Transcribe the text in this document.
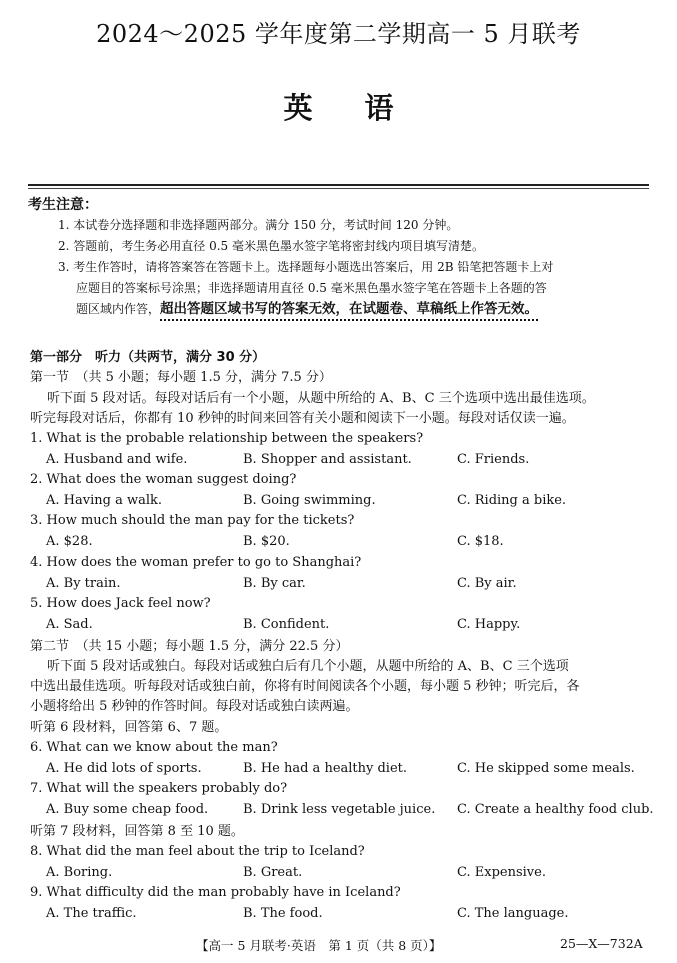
2024～2025 学年度第二学期高一 5 月联考
英语
考生注意：
1. 本试卷分选择题和非选择题两部分。满分 150 分，考试时间 120 分钟。
2. 答题前，考生务必用直径 0.5 毫米黑色墨水签字笔将密封线内项目填写清楚。
3. 考生作答时，请将答案答在答题卡上。选择题每小题选出答案后，用 2B 铅笔把答题卡上对
应题目的答案标号涂黑；非选择题请用直径 0.5 毫米黑色墨水签字笔在答题卡上各题的答
题区域内作答，超出答题区域书写的答案无效，在试题卷、草稿纸上作答无效。
第一部分　听力（共两节，满分 30 分）
第一节　（共 5 小题；每小题 1.5 分，满分 7.5 分）
听下面 5 段对话。每段对话后有一个小题，从题中所给的 A、B、C 三个选项中选出最佳选项。
听完每段对话后，你都有 10 秒钟的时间来回答有关小题和阅读下一小题。每段对话仅读一遍。
1. What is the probable relationship between the speakers?
A. Husband and wife.	B. Shopper and assistant.	C. Friends.
2. What does the woman suggest doing?
A. Having a walk.	B. Going swimming.	C. Riding a bike.
3. How much should the man pay for the tickets?
A. $28.	B. $20.	C. $18.
4. How does the woman prefer to go to Shanghai?
A. By train.	B. By car.	C. By air.
5. How does Jack feel now?
A. Sad.	B. Confident.	C. Happy.
第二节　（共 15 小题；每小题 1.5 分，满分 22.5 分）
听下面 5 段对话或独白。每段对话或独白后有几个小题，从题中所给的 A、B、C 三个选项
中选出最佳选项。听每段对话或独白前，你将有时间阅读各个小题，每小题 5 秒钟；听完后，各
小题将给出 5 秒钟的作答时间。每段对话或独白读两遍。
听第 6 段材料，回答第 6、7 题。
6. What can we know about the man?
A. He did lots of sports.	B. He had a healthy diet.	C. He skipped some meals.
7. What will the speakers probably do?
A. Buy some cheap food.	B. Drink less vegetable juice. C. Create a healthy food club.
听第 7 段材料，回答第 8 至 10 题。
8. What did the man feel about the trip to Iceland?
A. Boring.	B. Great.	C. Expensive.
9. What difficulty did the man probably have in Iceland?
A. The traffic.	B. The food.	C. The language.
【高一 5 月联考·英语　第 1 页（共 8 页）】	25—X—732A
